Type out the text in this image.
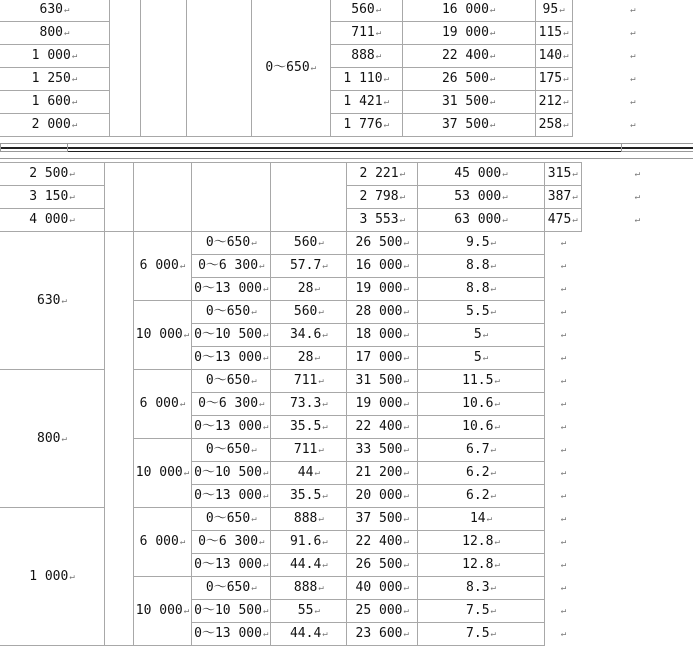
630↵				0～650↵	560↵	16 000↵	95↵	↵
800↵					711↵	19 000↵	115↵	↵
1 000↵					888↵	22 400↵	140↵	↵
1 250↵					1 110↵	26 500↵	175↵	↵
1 600↵					1 421↵	31 500↵	212↵	↵
2 000↵					1 776↵	37 500↵	258↵	↵
2 500↵					2 221↵	45 000↵	315↵	↵
3 150↵					2 798↵	53 000↵	387↵	↵
4 000↵					3 553↵	63 000↵	475↵	↵
630↵		6 000↵	0～650↵	560↵	26 500↵	9.5↵	↵	
			0～6 300↵	57.7↵	16 000↵	8.8↵	↵	
			0～13 000↵	28↵	19 000↵	8.8↵	↵	
		10 000↵	0～650↵	560↵	28 000↵	5.5↵	↵	
			0～10 500↵	34.6↵	18 000↵	5↵	↵	
			0～13 000↵	28↵	17 000↵	5↵	↵	
800↵		6 000↵	0～650↵	711↵	31 500↵	11.5↵	↵	
			0～6 300↵	73.3↵	19 000↵	10.6↵	↵	
			0～13 000↵	35.5↵	22 400↵	10.6↵	↵	
		10 000↵	0～650↵	711↵	33 500↵	6.7↵	↵	
			0～10 500↵	44↵	21 200↵	6.2↵	↵	
			0～13 000↵	35.5↵	20 000↵	6.2↵	↵	
1 000↵		6 000↵	0～650↵	888↵	37 500↵	14↵	↵	
			0～6 300↵	91.6↵	22 400↵	12.8↵	↵	
			0～13 000↵	44.4↵	26 500↵	12.8↵	↵	
		10 000↵	0～650↵	888↵	40 000↵	8.3↵	↵	
			0～10 500↵	55↵	25 000↵	7.5↵	↵	
			0～13 000↵	44.4↵	23 600↵	7.5↵	↵	
